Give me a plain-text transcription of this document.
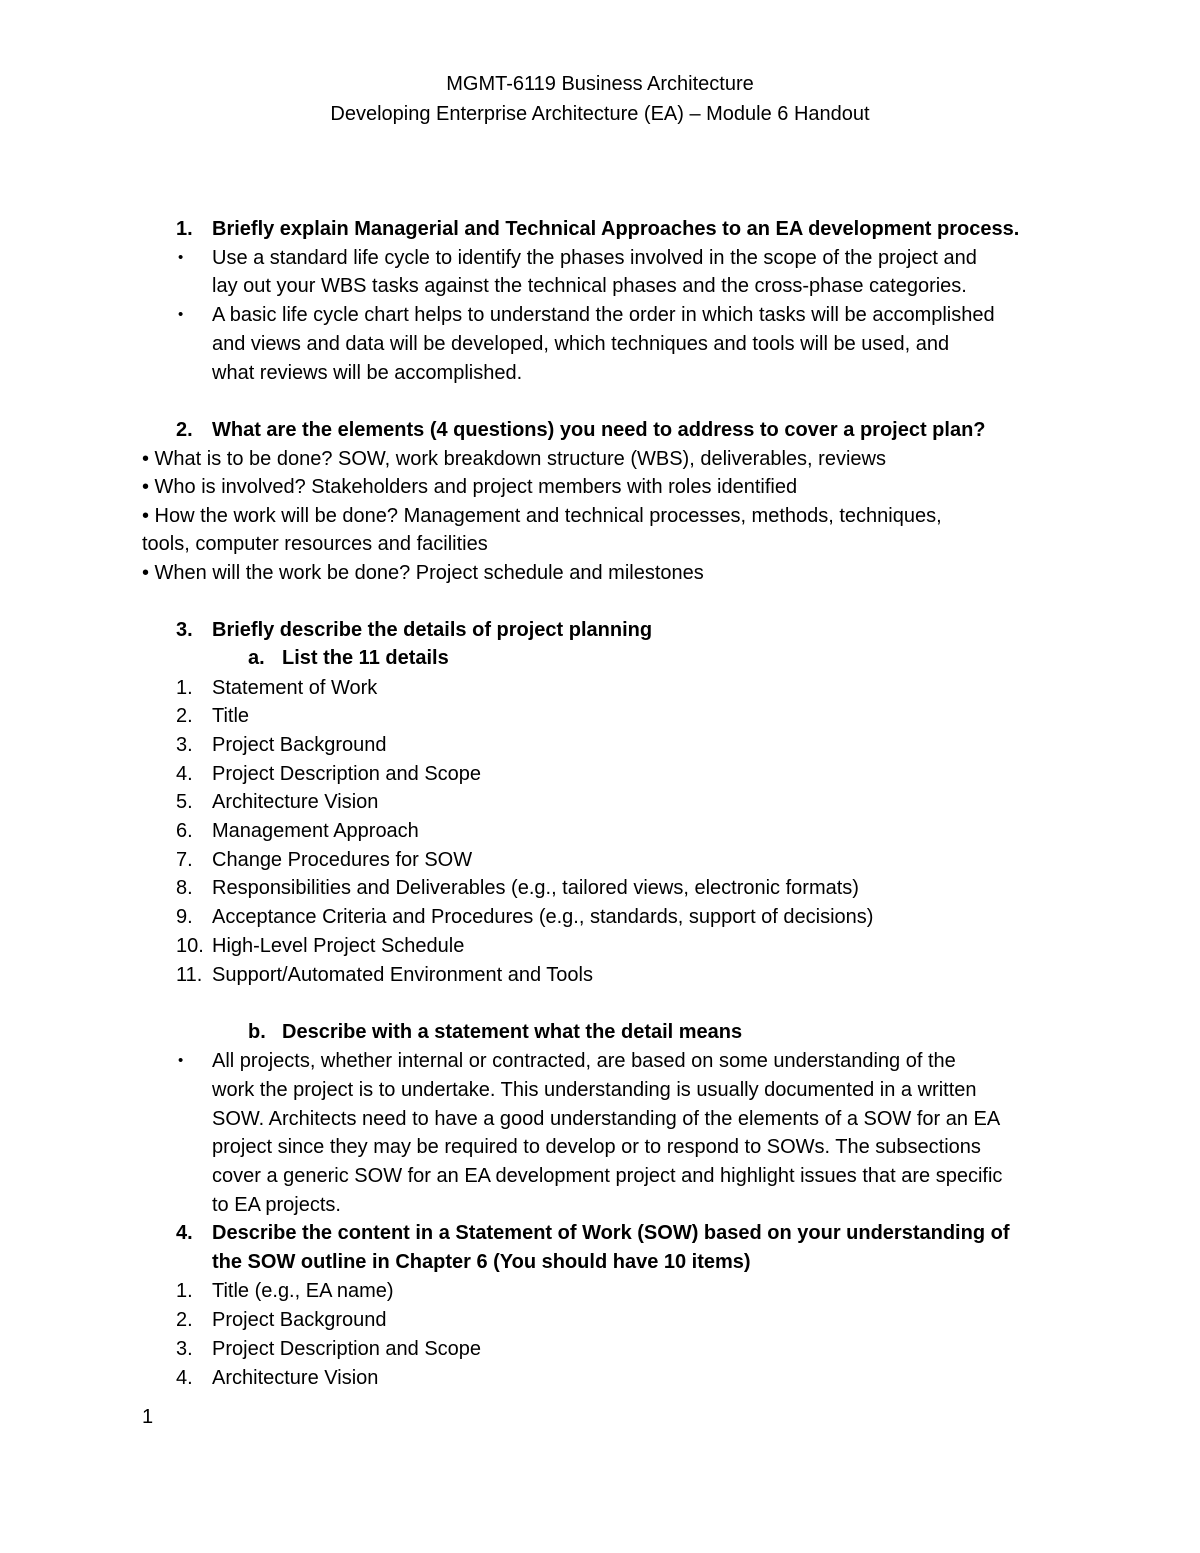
MGMT-6119 Business Architecture
Developing Enterprise Architecture (EA) – Module 6 Handout
1. Briefly explain Managerial and Technical Approaches to an EA development process.
•	Use a standard life cycle to identify the phases involved in the scope of the project and
lay out your WBS tasks against the technical phases and the cross-phase categories.
•	A basic life cycle chart helps to understand the order in which tasks will be accomplished
and views and data will be developed, which techniques and tools will be used, and
what reviews will be accomplished.
2. What are the elements (4 questions) you need to address to cover a project plan?
• What is to be done? SOW, work breakdown structure (WBS), deliverables, reviews
• Who is involved? Stakeholders and project members with roles identified
• How the work will be done? Management and technical processes, methods, techniques,
tools, computer resources and facilities
• When will the work be done? Project schedule and milestones
3. Briefly describe the details of project planning
a. List the 11 details
1. Statement of Work
2. Title
3. Project Background
4. Project Description and Scope
5. Architecture Vision
6. Management Approach
7. Change Procedures for SOW
8. Responsibilities and Deliverables (e.g., tailored views, electronic formats)
9. Acceptance Criteria and Procedures (e.g., standards, support of decisions)
10. High-Level Project Schedule
11. Support/Automated Environment and Tools
b. Describe with a statement what the detail means
•	All projects, whether internal or contracted, are based on some understanding of the
work the project is to undertake. This understanding is usually documented in a written
SOW. Architects need to have a good understanding of the elements of a SOW for an EA
project since they may be required to develop or to respond to SOWs. The subsections
cover a generic SOW for an EA development project and highlight issues that are specific
to EA projects.
4. Describe the content in a Statement of Work (SOW) based on your understanding of
the SOW outline in Chapter 6 (You should have 10 items)
1. Title (e.g., EA name)
2. Project Background
3. Project Description and Scope
4. Architecture Vision
1
